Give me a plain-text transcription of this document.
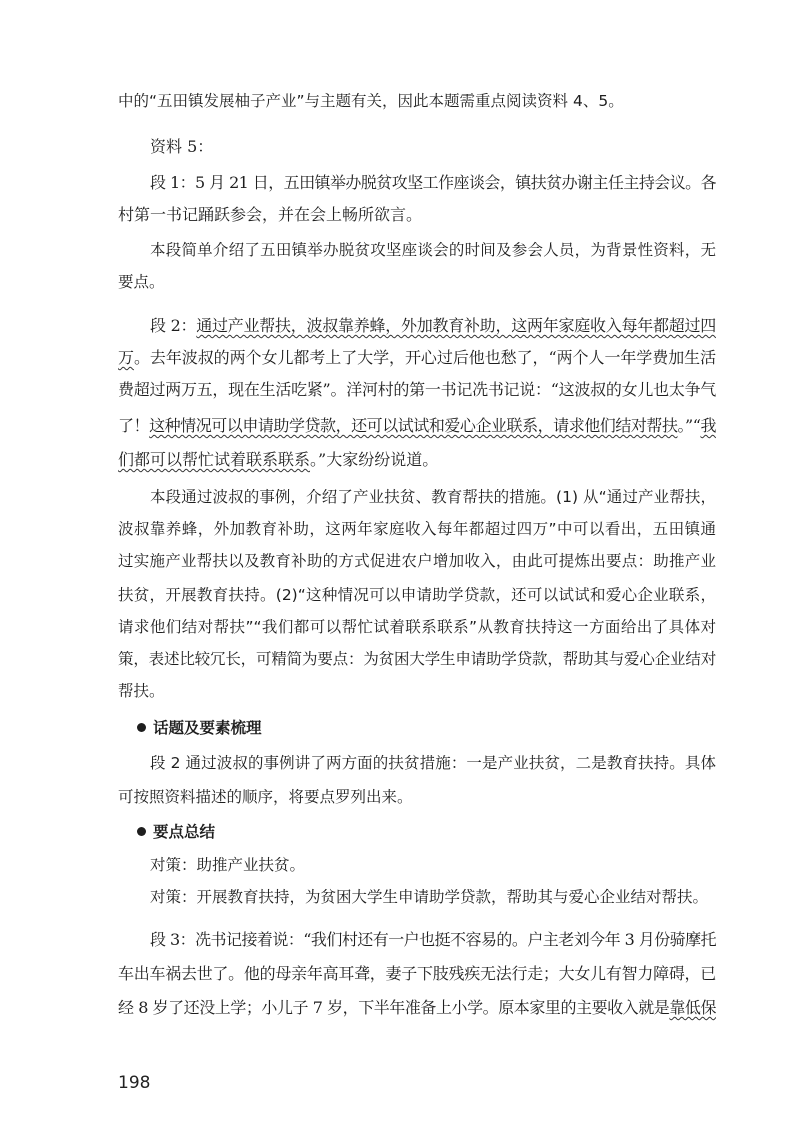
中的“五田镇发展柚子产业”与主题有关，因此本题需重点阅读资料 4、5。
资料 5：
段 1：5 月 21 日，五田镇举办脱贫攻坚工作座谈会，镇扶贫办谢主任主持会议。各
村第一书记踊跃参会，并在会上畅所欲言。
本段简单介绍了五田镇举办脱贫攻坚座谈会的时间及参会人员，为背景性资料，无
要点。
段 2：通过产业帮扶，波叔靠养蜂，外加教育补助，这两年家庭收入每年都超过四
万。去年波叔的两个女儿都考上了大学，开心过后他也愁了，“两个人一年学费加生活
费超过两万五，现在生活吃紧”。洋河村的第一书记冼书记说：“这波叔的女儿也太争气
了！这种情况可以申请助学贷款，还可以试试和爱心企业联系，请求他们结对帮扶。”“我
们都可以帮忙试着联系联系。”大家纷纷说道。
本段通过波叔的事例，介绍了产业扶贫、教育帮扶的措施。(1) 从“通过产业帮扶，
波叔靠养蜂，外加教育补助，这两年家庭收入每年都超过四万”中可以看出，五田镇通
过实施产业帮扶以及教育补助的方式促进农户增加收入，由此可提炼出要点：助推产业
扶贫，开展教育扶持。(2)“这种情况可以申请助学贷款，还可以试试和爱心企业联系，
请求他们结对帮扶”“我们都可以帮忙试着联系联系”从教育扶持这一方面给出了具体对
策，表述比较冗长，可精简为要点：为贫困大学生申请助学贷款，帮助其与爱心企业结对
帮扶。
话题及要素梳理
段 2 通过波叔的事例讲了两方面的扶贫措施：一是产业扶贫，二是教育扶持。具体
可按照资料描述的顺序，将要点罗列出来。
要点总结
对策：助推产业扶贫。
对策：开展教育扶持，为贫困大学生申请助学贷款，帮助其与爱心企业结对帮扶。
段 3：冼书记接着说：“我们村还有一户也挺不容易的。户主老刘今年 3 月份骑摩托
车出车祸去世了。他的母亲年高耳聋，妻子下肢残疾无法行走；大女儿有智力障碍，已
经 8 岁了还没上学；小儿子 7 岁，下半年准备上小学。原本家里的主要收入就是靠低保
198
